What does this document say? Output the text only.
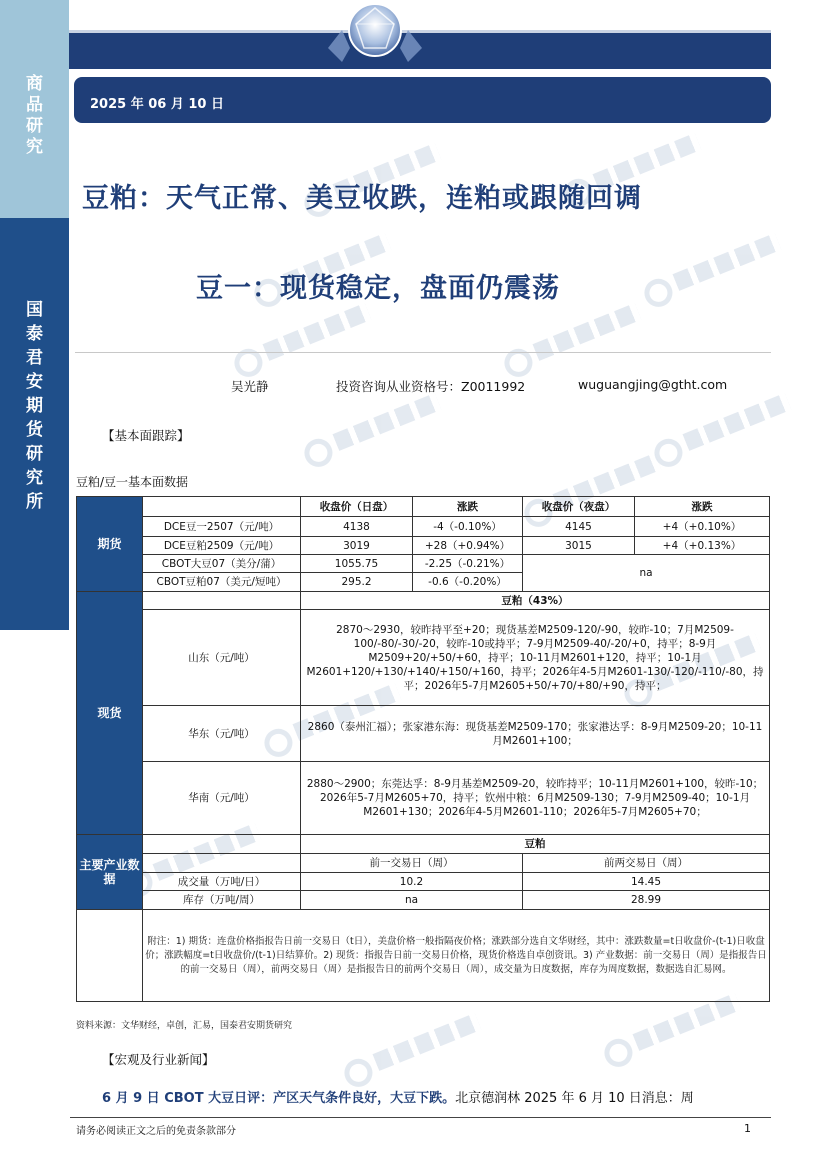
商
品
研
究
国
泰
君
安
期
货
研
究
所
2025 年 06 月 10 日
豆粕：天气正常、美豆收跌，连粕或跟随回调
豆一：现货稳定，盘面仍震荡
吴光静	投资咨询从业资格号：Z0011992	wuguangjing@gtht.com
【基本面跟踪】
豆粕/豆一基本面数据
期货		收盘价（日盘）	涨跌	收盘价（夜盘）	涨跌
	DCE豆一2507（元/吨）	4138	-4（-0.10%）	4145	+4（+0.10%）
	DCE豆粕2509（元/吨）	3019	+28（+0.94%）	3015	+4（+0.13%）
	CBOT大豆07（美分/蒲）	1055.75	-2.25（-0.21%）	na	
	CBOT豆粕07（美元/短吨）	295.2	-0.6（-0.20%）		
现货		豆粕（43%）			
	山东（元/吨）	2870～2930，较昨持平至+20；现货基差M2509-120/-90，较昨-10；7月M2509-100/-80/-30/-20，较昨-10或持平；7-9月M2509-40/-20/+0，持平；8-9月M2509+20/+50/+60，持平；10-11月M2601+120，持平；10-1月M2601+120/+130/+140/+150/+160，持平；2026年4-5月M2601-130/-120/-110/-80，持平；2026年5-7月M2605+50/+70/+80/+90，持平；			
	华东（元/吨）	2860（泰州汇福）；张家港东海：现货基差M2509-170；张家港达孚：8-9月M2509-20；10-11月M2601+100；			
	华南（元/吨）	2880～2900；东莞达孚：8-9月基差M2509-20，较昨持平；10-11月M2601+100，较昨-10；2026年5-7月M2605+70，持平；钦州中粮：6月M2509-130；7-9月M2509-40；10-1月M2601+130；2026年4-5月M2601-110；2026年5-7月M2605+70；			
主要产业数据		豆粕			
		前一交易日（周）		前两交易日（周）	
	成交量（万吨/日）	10.2		14.45	
	库存（万吨/周）	na		28.99	
	附注：1) 期货：连盘价格指报告日前一交易日（t日），美盘价格一般指隔夜价格；涨跌部分选自文华财经，其中：涨跌数量=t日收盘价-(t-1)日收盘价；涨跌幅度=t日收盘价/(t-1)日结算价。2) 现货：指报告日前一交易日价格，现货价格选自卓创资讯。3) 产业数据：前一交易日（周）是指报告日的前一交易日（周），前两交易日（周）是指报告日的前两个交易日（周），成交量为日度数据，库存为周度数据，数据选自汇易网。				
资料来源：文华财经，卓创，汇易，国泰君安期货研究
【宏观及行业新闻】
6 月 9 日 CBOT 大豆日评：产区天气条件良好，大豆下跌。北京德润林 2025 年 6 月 10 日消息：周
请务必阅读正文之后的免责条款部分	1
